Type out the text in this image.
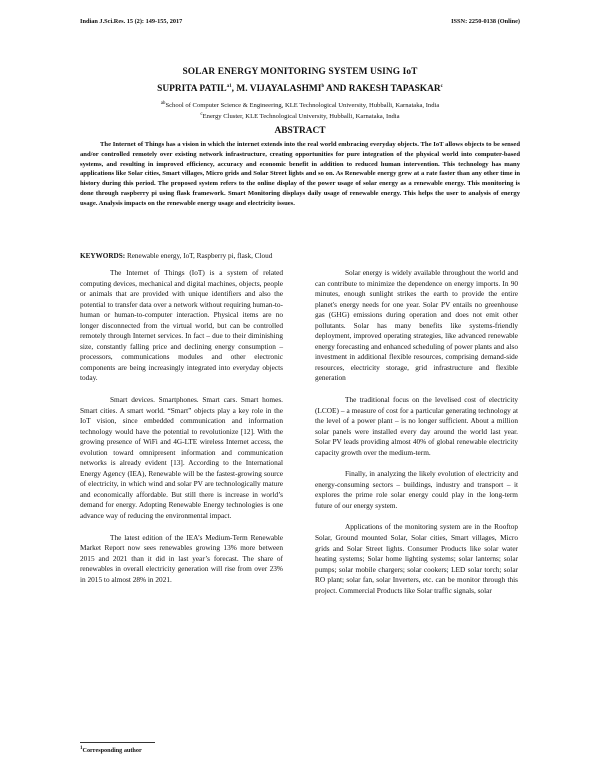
Indian J.Sci.Res. 15 (2): 149-155, 2017	ISSN: 2250-0138 (Online)
SOLAR ENERGY MONITORING SYSTEM USING IoT
SUPRITA $PATIL^{a1}$, M. VIJAYALASHMI$^b$ AND RAKESH TAPASKAR$^c$
$^{ab}$School of Computer Science & Engineering, KLE Technological University, Hubballi, Karnataka, India
$^c$Energy Cluster, KLE Technological University, Hubballi, Karnataka, India
ABSTRACT

The Internet of Things has a vision in which the internet extends into the real world embracing everyday objects. The IoT allows objects to be sensed and/or controlled remotely over existing network infrastructure, creating opportunities for pure integration of the physical world into computer-based systems, and resulting in improved efficiency, accuracy and economic benefit in addition to reduced human intervention. This technology has many applications like Solar cities, Smart villages, Micro grids and Solar Street lights and so on. As Renewable energy grew at a rate faster than any other time in history during this period. The proposed system refers to the online display of the power usage of solar energy as a renewable energy. This monitoring is done through raspberry pi using flask framework. Smart Monitoring displays daily usage of renewable energy. This helps the user to analysis of energy usage. Analysis impacts on the renewable energy usage and electricity issues.

KEYWORDS: Renewable energy, IoT, Raspberry pi, flask, Cloud

The Internet of Things (IoT) is a system of related computing devices, mechanical and digital machines, objects, people or animals that are provided with unique identifiers and also the potential to transfer data over a network without requiring human-to-human or human-to-computer interaction. Physical items are no longer disconnected from the virtual world, but can be controlled remotely through Internet services. In fact – due to their diminishing size, constantly falling price and declining energy consumption – processors, communications modules and other electronic components are being increasingly integrated into everyday objects today.

Smart devices. Smartphones. Smart cars. Smart homes. Smart cities. A smart world. “Smart” objects play a key role in the IoT vision, since embedded communication and information technology would have the potential to revolutionize [12]. With the growing presence of WiFi and 4G-LTE wireless Internet access, the evolution toward omnipresent information and communication networks is already evident [13]. According to the International Energy Agency (IEA), Renewable will be the fastest-growing source of electricity, in which wind and solar PV are technologically mature and economically affordable. But still there is increase in world’s demand for energy. Adopting Renewable Energy technologies is one advance way of reducing the environmental impact.

The latest edition of the IEA’s Medium-Term Renewable Market Report now sees renewables growing 13% more between 2015 and 2021 than it did in last year’s forecast. The share of renewables in overall electricity generation will rise from over 23% in 2015 to almost 28% in 2021.

Solar energy is widely available throughout the world and can contribute to minimize the dependence on energy imports. In 90 minutes, enough sunlight strikes the earth to provide the entire planet's energy needs for one year. Solar PV entails no greenhouse gas (GHG) emissions during operation and does not emit other pollutants. Solar has many benefits like systems-friendly deployment, improved operating strategies, like advanced renewable energy forecasting and enhanced scheduling of power plants and also investment in additional flexible resources, comprising demand-side resources, electricity storage, grid infrastructure and flexible generation

The traditional focus on the levelised cost of electricity (LCOE) – a measure of cost for a particular generating technology at the level of a power plant – is no longer sufficient. About a million solar panels were installed every day around the world last year. Solar PV leads providing almost 40% of global renewable electricity capacity growth over the medium-term.

Finally, in analyzing the likely evolution of electricity and energy-consuming sectors – buildings, industry and transport – it explores the prime role solar energy could play in the long-term future of our energy system.

Applications of the monitoring system are in the Rooftop Solar, Ground mounted Solar, Solar cities, Smart villages, Micro grids and Solar Street lights. Consumer Products like solar water heating systems; Solar home lighting systems; solar lanterns; solar pumps; solar mobile chargers; solar cookers; LED solar torch; solar RO plant; solar fan, solar Inverters, etc. can be monitor through this project. Commercial Products like Solar traffic signals, solar

$^1$Corresponding author
